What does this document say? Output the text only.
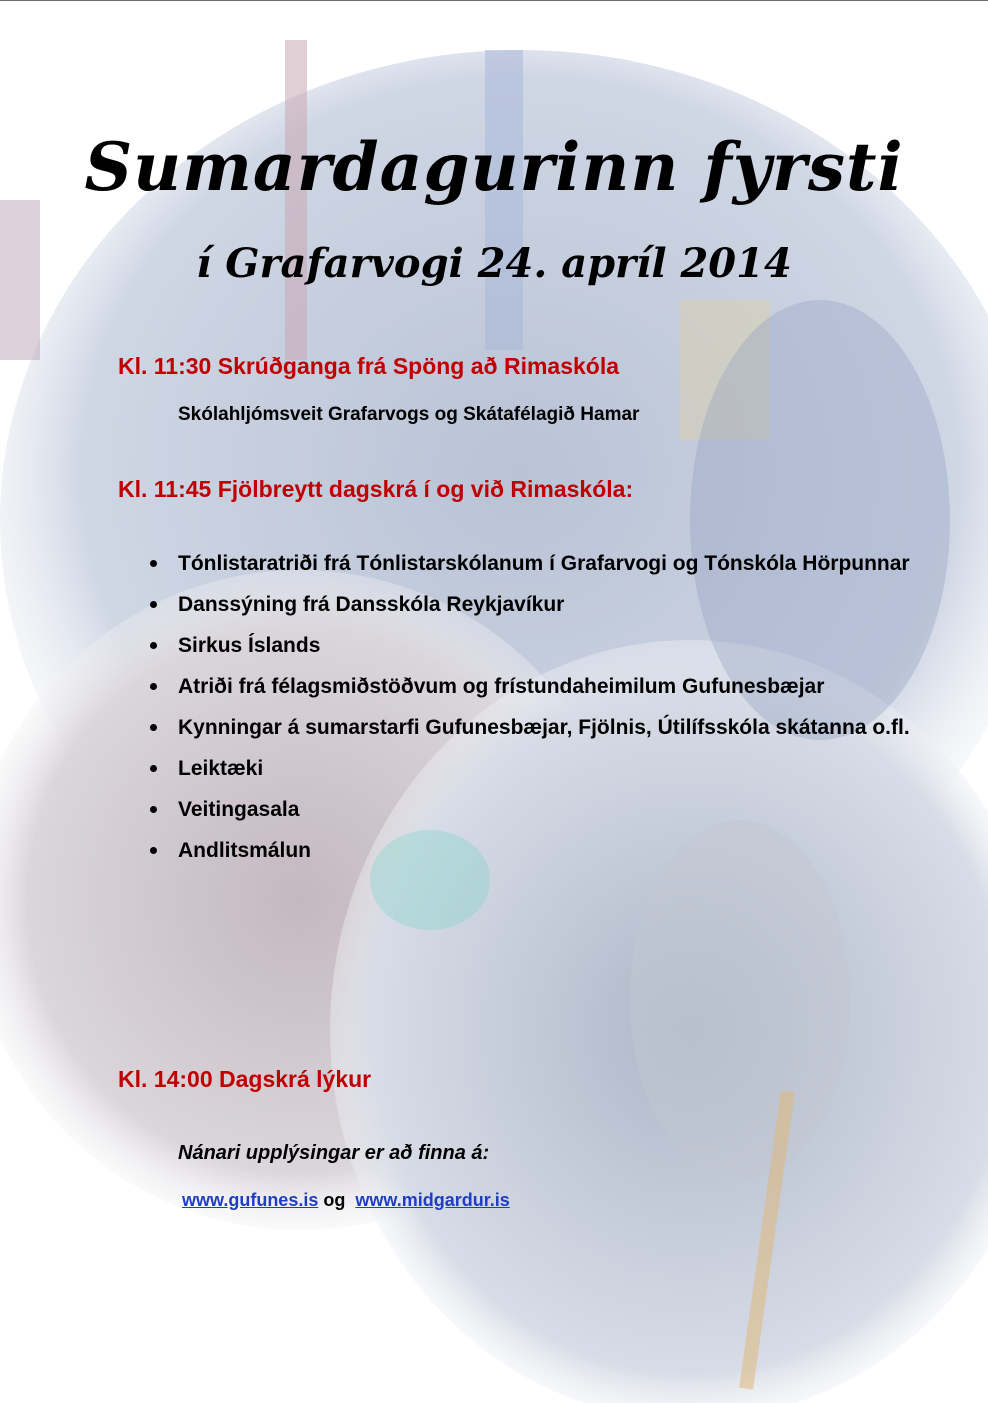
Sumardagurinn fyrsti
í Grafarvogi 24. apríl 2014
Kl. 11:30 Skrúðganga frá Spöng að Rimaskóla
Skólahljómsveit Grafarvogs og Skátafélagið Hamar
Kl. 11:45 Fjölbreytt dagskrá í og við Rimaskóla:
Tónlistaratriði frá Tónlistarskólanum í Grafarvogi og Tónskóla Hörpunnar
Danssýning frá Dansskóla Reykjavíkur
Sirkus Íslands
Atriði frá félagsmiðstöðvum og frístundaheimilum Gufunesbæjar
Kynningar á sumarstarfi Gufunesbæjar, Fjölnis, Útilífsskóla skátanna o.fl.
Leiktæki
Veitingasala
Andlitsmálun
Kl. 14:00 Dagskrá lýkur
Nánari upplýsingar er að finna á:
www.gufunes.is og www.midgardur.is
